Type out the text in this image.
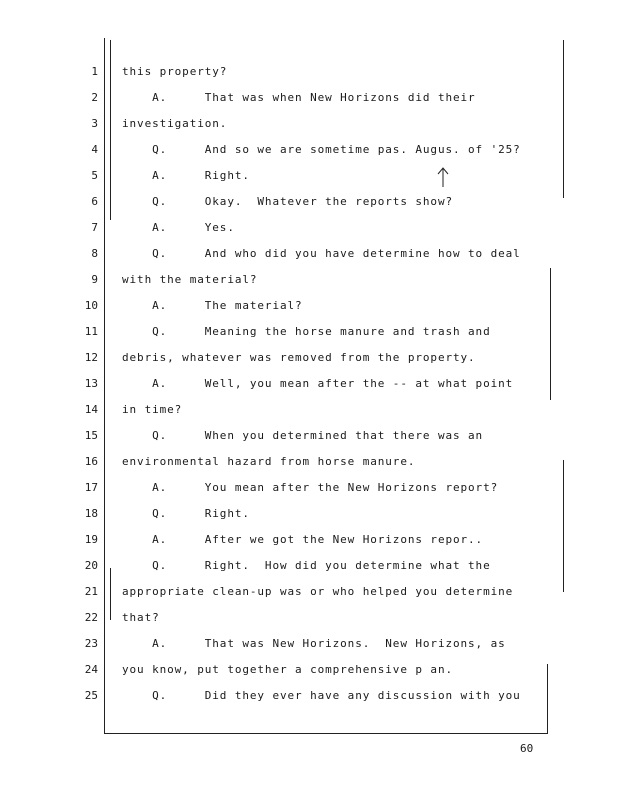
1 this property?
2 A.     That was when New Horizons did their
3 investigation.
4 Q.     And so we are sometime pas. Augus. of '25?
5 A.     Right.
6 Q.     Okay.  Whatever the reports show?
7 A.     Yes.
8 Q.     And who did you have determine how to deal
9 with the material?
10 A.     The material?
11 Q.     Meaning the horse manure and trash and
12 debris, whatever was removed from the property.
13 A.     Well, you mean after the -- at what point
14 in time?
15 Q.     When you determined that there was an
16 environmental hazard from horse manure.
17 A.     You mean after the New Horizons report?
18 Q.     Right.
19 A.     After we got the New Horizons repor..
20 Q.     Right.  How did you determine what the
21 appropriate clean-up was or who helped you determine
22 that?
23 A.     That was New Horizons.  New Horizons, as
24 you know, put together a comprehensive p an.
25 Q.     Did they ever have any discussion with you
60
